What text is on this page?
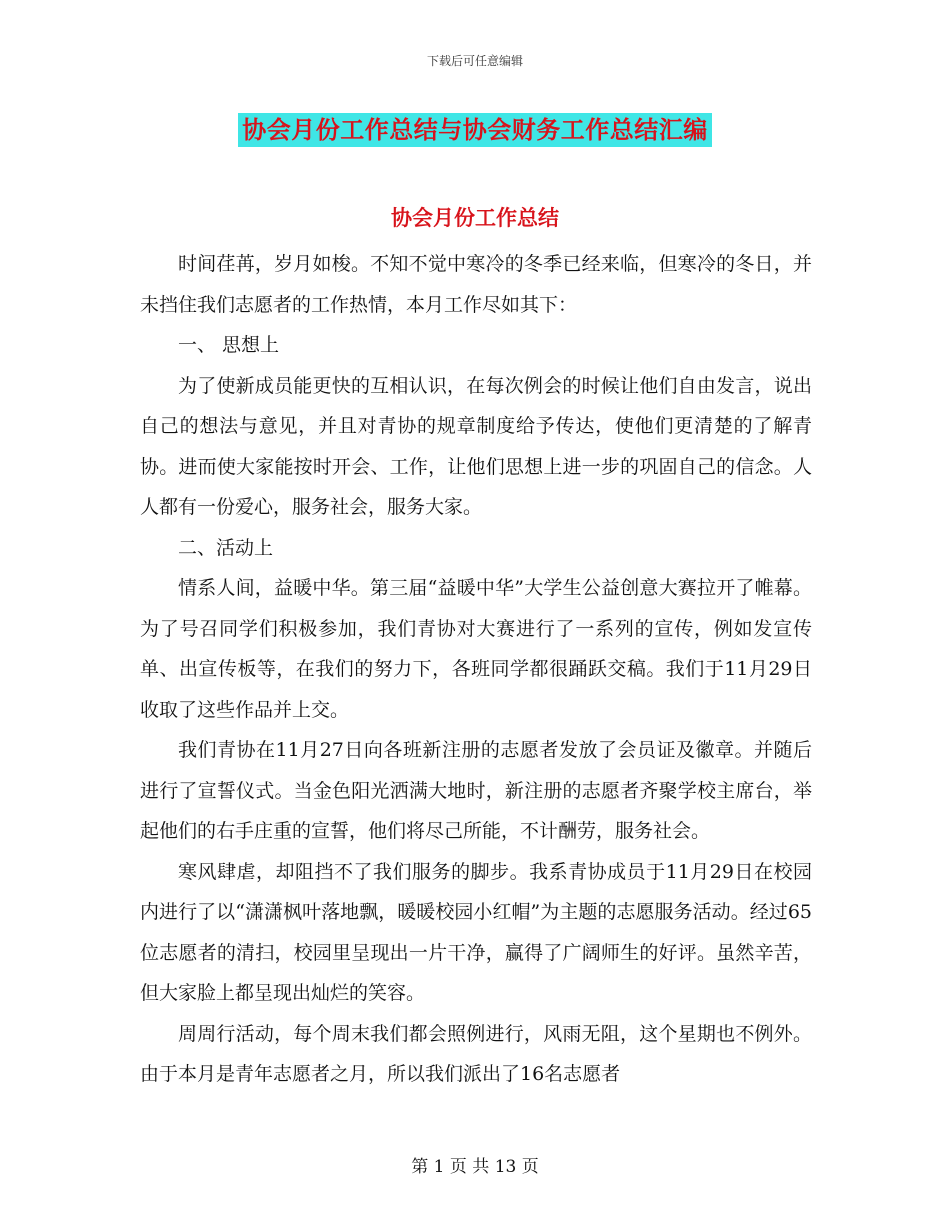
下载后可任意编辑
协会月份工作总结与协会财务工作总结汇编
协会月份工作总结

时间荏苒，岁月如梭。不知不觉中寒冷的冬季已经来临，但寒冷的冬日，并未挡住我们志愿者的工作热情，本月工作尽如其下：

一、 思想上

为了使新成员能更快的互相认识，在每次例会的时候让他们自由发言，说出自己的想法与意见，并且对青协的规章制度给予传达，使他们更清楚的了解青协。进而使大家能按时开会、工作，让他们思想上进一步的巩固自己的信念。人人都有一份爱心，服务社会，服务大家。

二、活动上

情系人间，益暖中华。第三届“益暖中华”大学生公益创意大赛拉开了帷幕。为了号召同学们积极参加，我们青协对大赛进行了一系列的宣传，例如发宣传单、出宣传板等，在我们的努力下，各班同学都很踊跃交稿。我们于11月29日收取了这些作品并上交。

我们青协在11月27日向各班新注册的志愿者发放了会员证及徽章。并随后进行了宣誓仪式。当金色阳光洒满大地时，新注册的志愿者齐聚学校主席台，举起他们的右手庄重的宣誓，他们将尽己所能，不计酬劳，服务社会。

寒风肆虐，却阻挡不了我们服务的脚步。我系青协成员于11月29日在校园内进行了以“潇潇枫叶落地飘，暖暖校园小红帽”为主题的志愿服务活动。经过65位志愿者的清扫，校园里呈现出一片干净，赢得了广阔师生的好评。虽然辛苦，但大家脸上都呈现出灿烂的笑容。

周周行活动，每个周末我们都会照例进行，风雨无阻，这个星期也不例外。由于本月是青年志愿者之月，所以我们派出了16名志愿者

第 1 页 共 13 页
